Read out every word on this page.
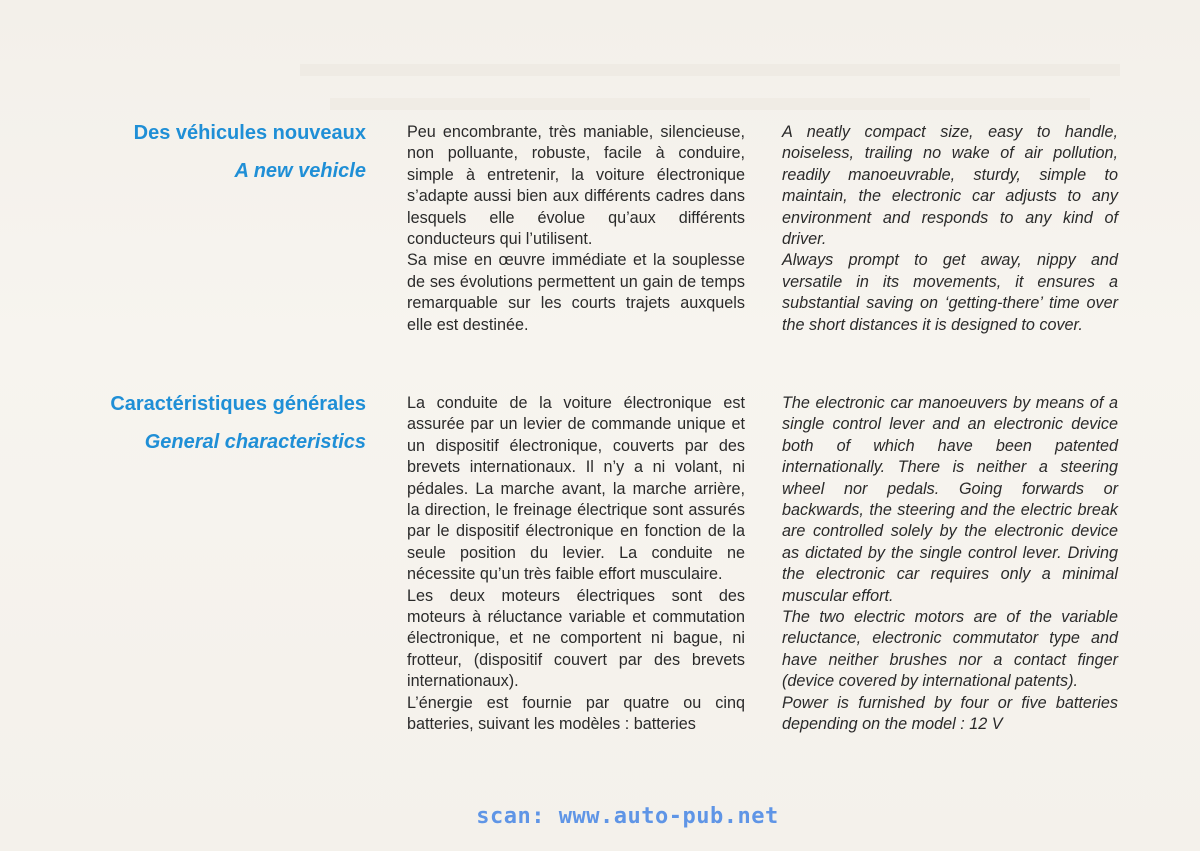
Des véhicules nouveaux
A new vehicle

Peu encombrante, très maniable, silencieuse, non polluante, robuste, facile à conduire, simple à entretenir, la voiture électronique s’adapte aussi bien aux différents cadres dans lesquels elle évolue qu’aux différents conducteurs qui l’utilisent.

Sa mise en œuvre immédiate et la souplesse de ses évolutions permettent un gain de temps remarquable sur les courts trajets auxquels elle est destinée.

A neatly compact size, easy to handle, noiseless, trailing no wake of air pollution, readily manoeuvrable, sturdy, simple to maintain, the electronic car adjusts to any environment and responds to any kind of driver.

Always prompt to get away, nippy and versatile in its movements, it ensures a substantial saving on ‘getting-there’ time over the short distances it is designed to cover.

Caractéristiques générales
General characteristics

La conduite de la voiture électronique est assurée par un levier de commande unique et un dispositif électronique, couverts par des brevets internationaux. Il n’y a ni volant, ni pédales. La marche avant, la marche arrière, la direction, le freinage électrique sont assurés par le dispositif électronique en fonction de la seule position du levier. La conduite ne nécessite qu’un très faible effort musculaire.

Les deux moteurs électriques sont des moteurs à réluctance variable et commutation électronique, et ne comportent ni bague, ni frotteur, (dispositif couvert par des brevets internationaux).

L’énergie est fournie par quatre ou cinq batteries, suivant les modèles : batteries

The electronic car manoeuvers by means of a single control lever and an electronic device both of which have been patented internationally. There is neither a steering wheel nor pedals. Going forwards or backwards, the steering and the electric break are controlled solely by the electronic device as dictated by the single control lever. Driving the electronic car requires only a minimal muscular effort.

The two electric motors are of the variable reluctance, electronic commutator type and have neither brushes nor a contact finger (device covered by international patents).

Power is furnished by four or five batteries depending on the model : 12 V

scan: www.auto-pub.net
